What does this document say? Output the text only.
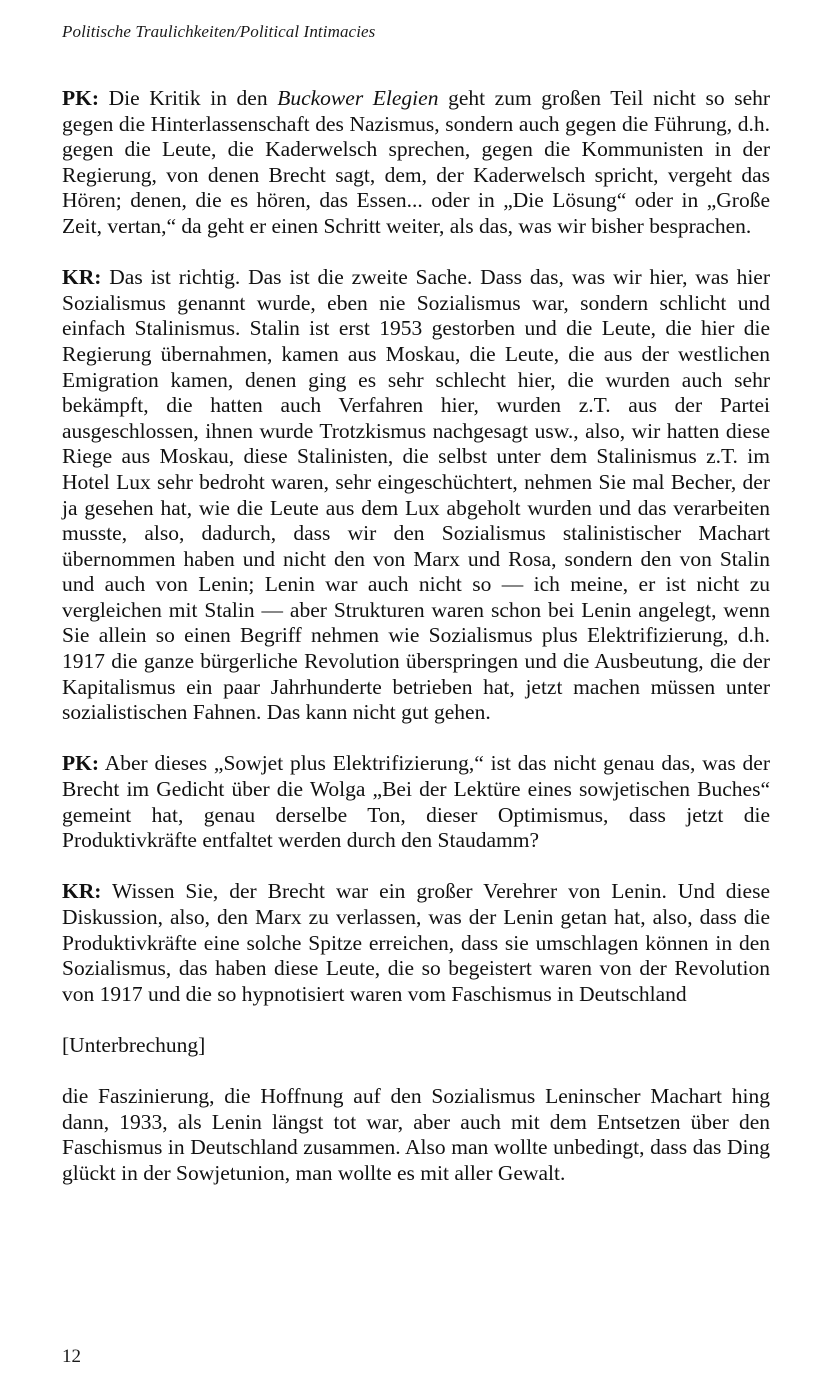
Politische Traulichkeiten/Political Intimacies

PK: Die Kritik in den Buckower Elegien geht zum großen Teil nicht so sehr gegen die Hinterlassenschaft des Nazismus, sondern auch gegen die Führung, d.h. gegen die Leute, die Kaderwelsch sprechen, gegen die Kommunisten in der Regierung, von denen Brecht sagt, dem, der Kaderwelsch spricht, vergeht das Hören; denen, die es hören, das Essen... oder in „Die Lösung“ oder in „Große Zeit, vertan,“ da geht er einen Schritt weiter, als das, was wir bisher besprachen.

KR: Das ist richtig. Das ist die zweite Sache. Dass das, was wir hier, was hier Sozialismus genannt wurde, eben nie Sozialismus war, sondern schlicht und einfach Stalinismus. Stalin ist erst 1953 gestorben und die Leute, die hier die Regierung übernahmen, kamen aus Moskau, die Leute, die aus der westlichen Emigration kamen, denen ging es sehr schlecht hier, die wurden auch sehr bekämpft, die hatten auch Verfahren hier, wurden z.T. aus der Partei ausgeschlossen, ihnen wurde Trotzkismus nachgesagt usw., also, wir hatten diese Riege aus Moskau, diese Stalinisten, die selbst unter dem Stalinismus z.T. im Hotel Lux sehr bedroht waren, sehr eingeschüchtert, nehmen Sie mal Becher, der ja gesehen hat, wie die Leute aus dem Lux abgeholt wurden und das verarbeiten musste, also, dadurch, dass wir den Sozialismus stalinistischer Machart übernommen haben und nicht den von Marx und Rosa, sondern den von Stalin und auch von Lenin; Lenin war auch nicht so — ich meine, er ist nicht zu vergleichen mit Stalin — aber Strukturen waren schon bei Lenin angelegt, wenn Sie allein so einen Begriff nehmen wie Sozialismus plus Elektrifizierung, d.h. 1917 die ganze bürgerliche Revolution überspringen und die Ausbeutung, die der Kapitalismus ein paar Jahrhunderte betrieben hat, jetzt machen müssen unter sozialistischen Fahnen. Das kann nicht gut gehen.

PK: Aber dieses „Sowjet plus Elektrifizierung,“ ist das nicht genau das, was der Brecht im Gedicht über die Wolga „Bei der Lektüre eines sowjetischen Buches“ gemeint hat, genau derselbe Ton, dieser Optimismus, dass jetzt die Produktivkräfte entfaltet werden durch den Staudamm?

KR: Wissen Sie, der Brecht war ein großer Verehrer von Lenin. Und diese Diskussion, also, den Marx zu verlassen, was der Lenin getan hat, also, dass die Produktivkräfte eine solche Spitze erreichen, dass sie umschlagen können in den Sozialismus, das haben diese Leute, die so begeistert waren von der Revolution von 1917 und die so hypnotisiert waren vom Faschismus in Deutschland

[Unterbrechung]

die Faszinierung, die Hoffnung auf den Sozialismus Leninscher Machart hing dann, 1933, als Lenin längst tot war, aber auch mit dem Entsetzen über den Faschismus in Deutschland zusammen. Also man wollte unbedingt, dass das Ding glückt in der Sowjetunion, man wollte es mit aller Gewalt.

12
